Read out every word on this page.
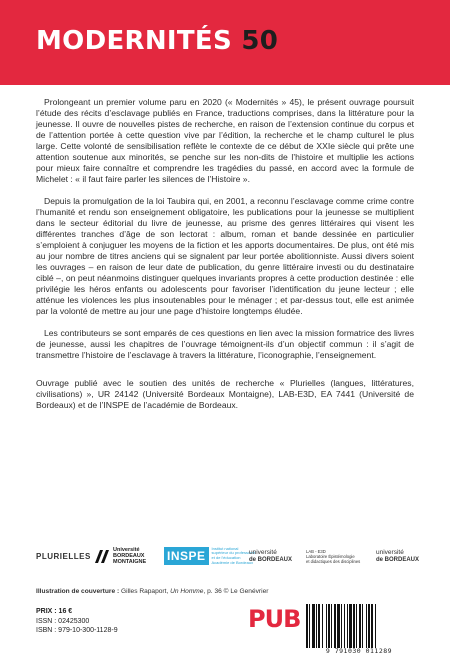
MODERNITÉS 50

Prolongeant un premier volume paru en 2020 (« Modernités » 45), le présent ouvrage poursuit l’étude des récits d’esclavage publiés en France, traductions comprises, dans la littérature pour la jeunesse. Il ouvre de nouvelles pistes de recherche, en raison de l’extension continue du corpus et de l’attention portée à cette question vive par l’édition, la recherche et le champ culturel le plus large. Cette volonté de sensibilisation reflète le contexte de ce début de XXIe siècle qui prête une attention soutenue aux minorités, se penche sur les non-dits de l’histoire et multiplie les actions pour mieux faire connaître et comprendre les tragédies du passé, en accord avec la formule de Michelet : « il faut faire parler les silences de l’Histoire ».

Depuis la promulgation de la loi Taubira qui, en 2001, a reconnu l’esclavage comme crime contre l’humanité et rendu son enseignement obligatoire, les publications pour la jeunesse se multiplient dans le secteur éditorial du livre de jeunesse, au prisme des genres littéraires qui visent les différentes tranches d’âge de son lectorat : album, roman et bande dessinée en particulier s’emploient à conjuguer les moyens de la fiction et les apports documentaires. De plus, ont été mis au jour nombre de titres anciens qui se signalent par leur portée abolitionniste. Aussi divers soient les ouvrages – en raison de leur date de publication, du genre littéraire investi ou du destinataire ciblé –, on peut néanmoins distinguer quelques invariants propres à cette production destinée : elle privilégie les héros enfants ou adolescents pour favoriser l’identification du jeune lecteur ; elle atténue les violences les plus insoutenables pour le ménager ; et par-dessus tout, elle est animée par la volonté de mettre au jour une page d’histoire longtemps éludée.

Les contributeurs se sont emparés de ces questions en lien avec la mission formatrice des livres de jeunesse, aussi les chapitres de l’ouvrage témoignent-ils d’un objectif commun : il s’agit de transmettre l’histoire de l’esclavage à travers la littérature, l’iconographie, l’enseignement.

Ouvrage publié avec le soutien des unités de recherche « Plurielles (langues, littératures, civilisations) », UR 24142 (Université Bordeaux Montaigne), LAB-E3D, EA 7441 (Université de Bordeaux) et de l’INSPE de l’académie de Bordeaux.

PLURIELLES
Université
BORDEAUX
MONTAIGNE INSPE
Institut national
supérieur du professorat
et de l'éducation
Académie de Bordeaux
université
de BORDEAUX
LAB - E3D
Laboratoire Épistémologie
et didactiques des disciplines
université
de BORDEAUX
Illustration de couverture : Gilles Rapaport, Un Homme, p. 36 © Le Genévrier
PRIX : 16 €
ISSN : 02425300
ISBN : 979-10-300-1128-9	PUB
9 791030 011289
